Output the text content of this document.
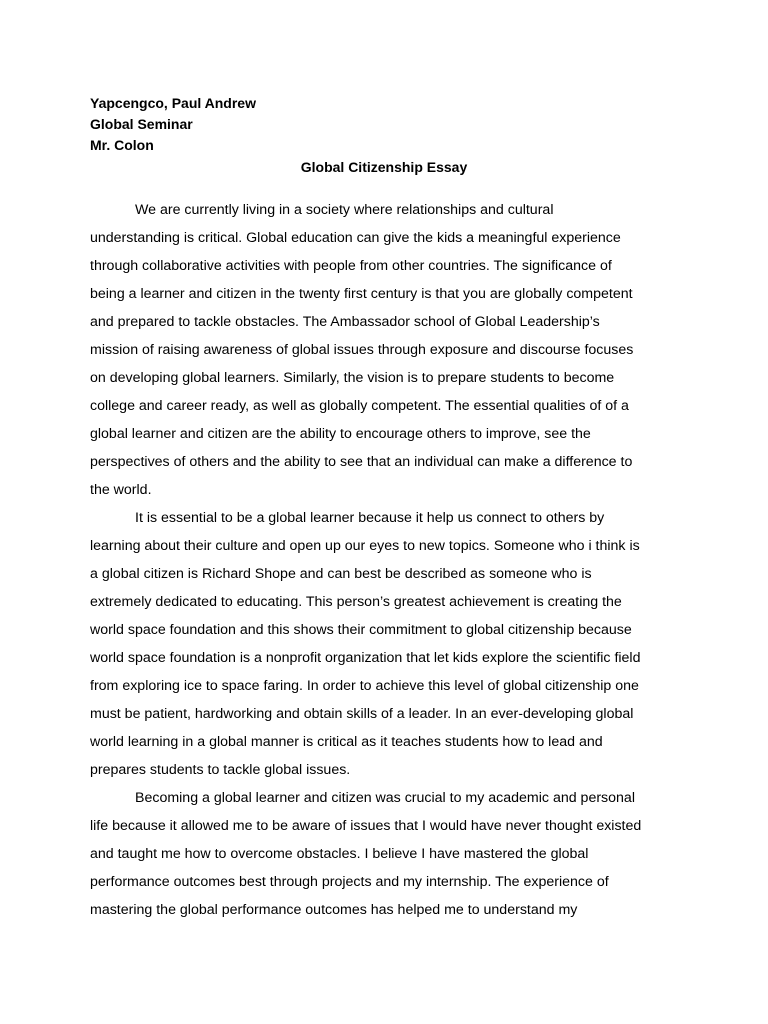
Yapcengco, Paul Andrew
Global Seminar
Mr. Colon
Global Citizenship Essay

We are currently living in a society where relationships and cultural
understanding is critical. Global education can give the kids a meaningful experience
through collaborative activities with people from other countries. The significance of
being a learner and citizen in the twenty first century is that you are globally competent
and prepared to tackle obstacles. The Ambassador school of Global Leadership’s
mission of raising awareness of global issues through exposure and discourse focuses
on developing global learners. Similarly, the vision is to prepare students to become
college and career ready, as well as globally competent. The essential qualities of of a
global learner and citizen are the ability to encourage others to improve, see the
perspectives of others and the ability to see that an individual can make a difference to
the world.

It is essential to be a global learner because it help us connect to others by
learning about their culture and open up our eyes to new topics. Someone who i think is
a global citizen is Richard Shope and can best be described as someone who is
extremely dedicated to educating. This person’s greatest achievement is creating the
world space foundation and this shows their commitment to global citizenship because
world space foundation is a nonprofit organization that let kids explore the scientific field
from exploring ice to space faring. In order to achieve this level of global citizenship one
must be patient, hardworking and obtain skills of a leader. In an ever-developing global
world learning in a global manner is critical as it teaches students how to lead and
prepares students to tackle global issues.

Becoming a global learner and citizen was crucial to my academic and personal
life because it allowed me to be aware of issues that I would have never thought existed
and taught me how to overcome obstacles. I believe I have mastered the global
performance outcomes best through projects and my internship. The experience of
mastering the global performance outcomes has helped me to understand my
